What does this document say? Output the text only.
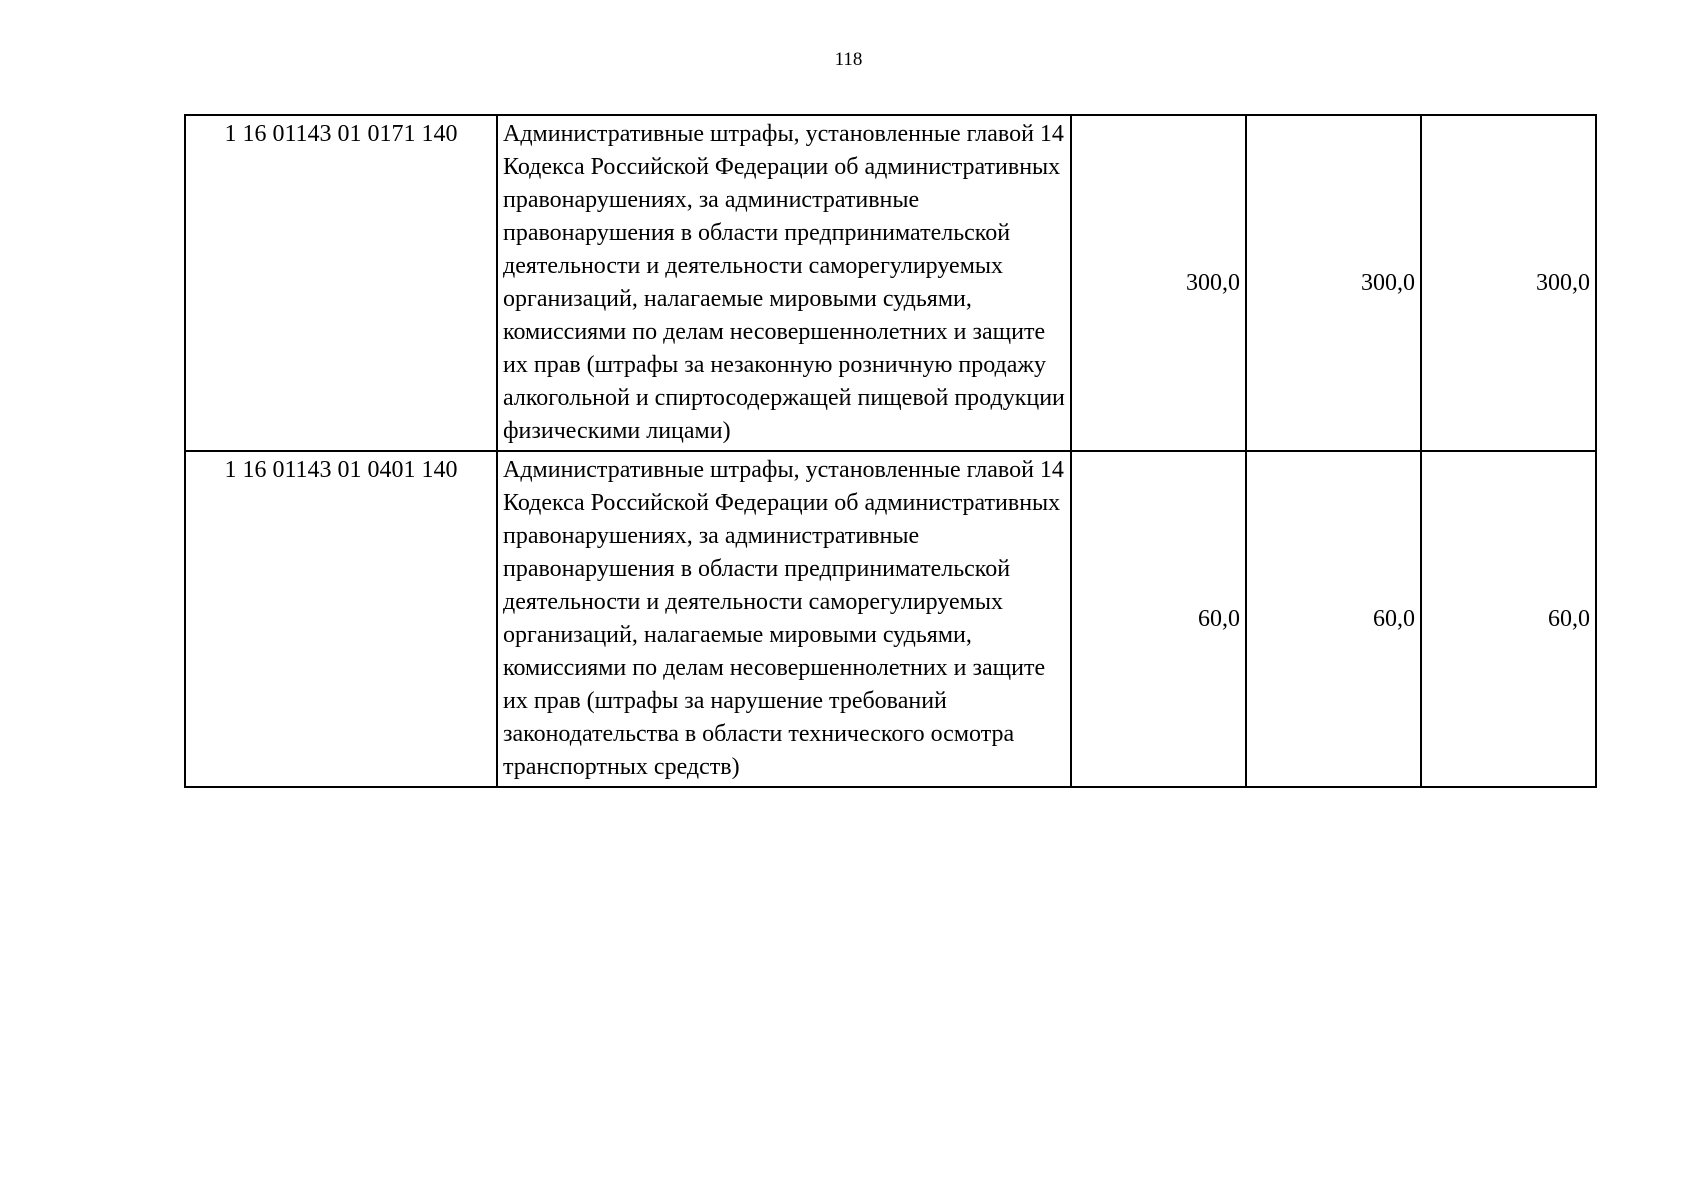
118
1 16 01143 01 0171 140	Административные штрафы, установленные главой 14 Кодекса Российской Федерации об административных правонарушениях, за административные правонарушения в области предпринимательской деятельности и деятельности саморегулируемых организаций, налагаемые мировыми судьями, комиссиями по делам несовершеннолетних и защите их прав (штрафы за незаконную розничную продажу алкогольной и спиртосодержащей пищевой продукции физическими лицами)	300,0	300,0	300,0
1 16 01143 01 0401 140	Административные штрафы, установленные главой 14 Кодекса Российской Федерации об административных правонарушениях, за административные правонарушения в области предпринимательской деятельности и деятельности саморегулируемых организаций, налагаемые мировыми судьями, комиссиями по делам несовершеннолетних и защите их прав (штрафы за нарушение требований законодательства в области технического осмотра транспортных средств)	60,0	60,0	60,0
